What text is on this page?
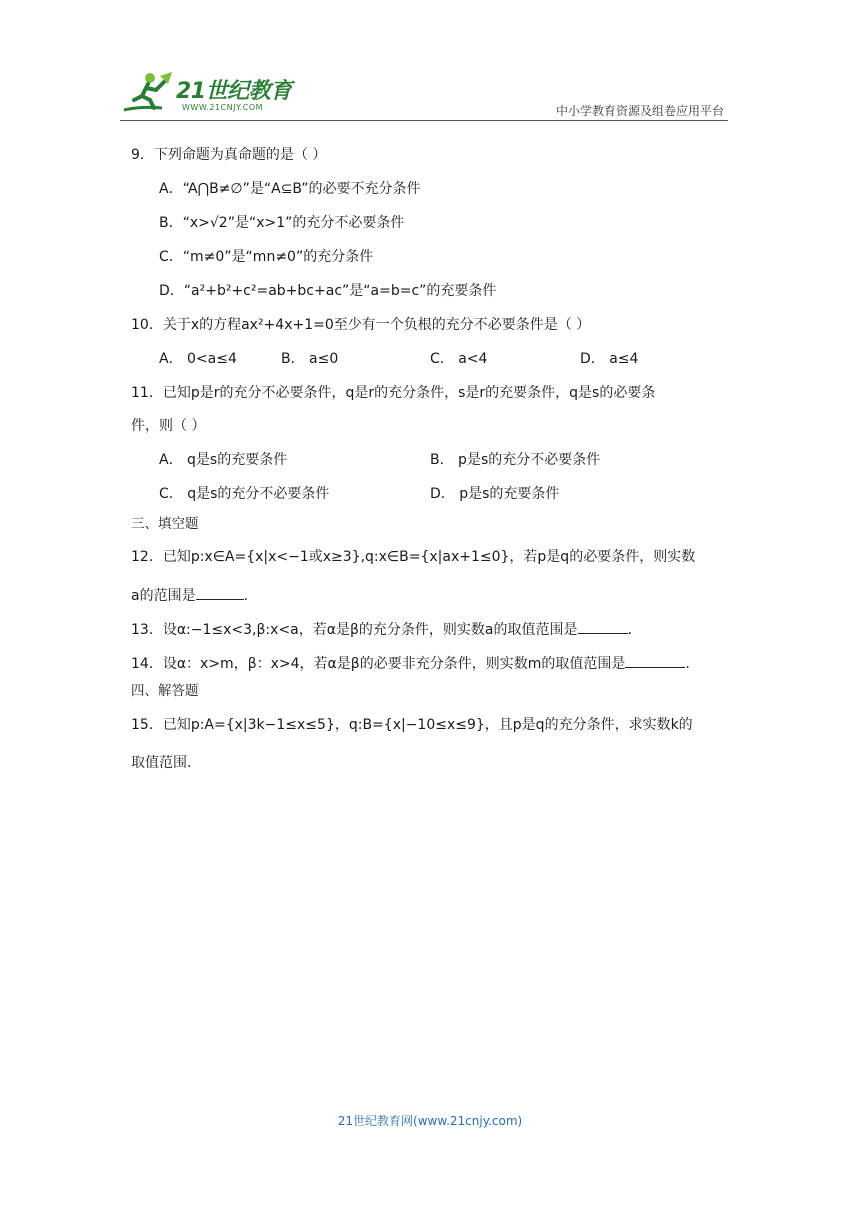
21世纪教育
WWW.21CNJY.COM	中小学教育资源及组卷应用平台
9．下列命题为真命题的是（ ）
A．“A⋂B≠∅”是“A⊆B”的必要不充分条件
B．“x>√2”是“x>1”的充分不必要条件
C．“m≠0”是“mn≠0”的充分条件
D．“a²+b²+c²=ab+bc+ac”是“a=b=c”的充要条件
10．关于x的方程ax²+4x+1=0至少有一个负根的充分不必要条件是（ ）
A． 0<a≤4	B． a≤0	C． a<4	D． a≤4
11．已知p是r的充分不必要条件，q是r的充分条件，s是r的充要条件，q是s的必要条
件，则（ ）
A． q是s的充要条件	B． p是s的充分不必要条件
C． q是s的充分不必要条件	D． p是s的充要条件
三、填空题
12．已知p:x∈A={x|x<−1或x≥3},q:x∈B={x|ax+1≤0}，若p是q的必要条件，则实数
a的范围是	.
13．设α:−1≤x<3,β:x<a，若α是β的充分条件，则实数a的取值范围是	.
14．设α：x>m，β：x>4，若α是β的必要非充分条件，则实数m的取值范围是	.
四、解答题
15．已知p:A={x|3k−1≤x≤5}，q:B={x|−10≤x≤9}，且p是q的充分条件，求实数k的
取值范围.
21世纪教育网(www.21cnjy.com)
